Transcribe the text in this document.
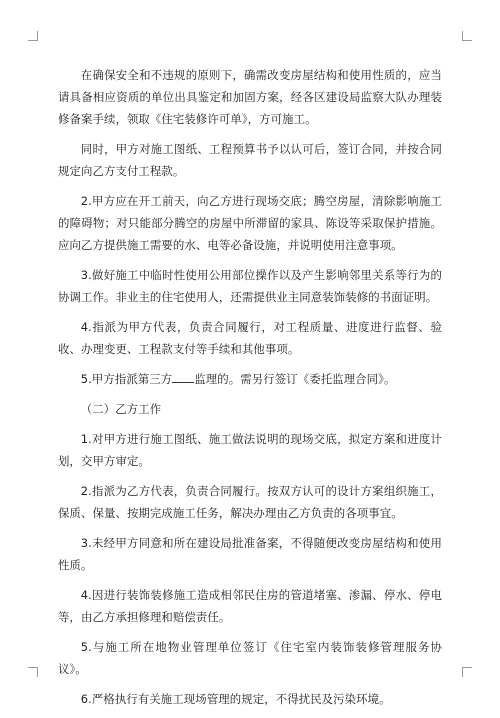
在确保安全和不违规的原则下，确需改变房屋结构和使用性质的，应当请具备相应资质的单位出具鉴定和加固方案，经各区建设局监察大队办理装修备案手续，领取《住宅装修许可单》，方可施工。

同时，甲方对施工图纸、工程预算书予以认可后，签订合同，并按合同规定向乙方支付工程款。

2.甲方应在开工前天，向乙方进行现场交底；腾空房屋，清除影响施工的障碍物；对只能部分腾空的房屋中所滞留的家具、陈设等采取保护措施。应向乙方提供施工需要的水、电等必备设施，并说明使用注意事项。

3.做好施工中临时性使用公用部位操作以及产生影响邻里关系等行为的协调工作。非业主的住宅使用人，还需提供业主同意装饰装修的书面证明。

4.指派为甲方代表，负责合同履行，对工程质量、进度进行监督、验收、办理变更、工程款支付等手续和其他事项。

5.甲方指派第三方 监理的。需另行签订《委托监理合同》。

（二）乙方工作

1.对甲方进行施工图纸、施工做法说明的现场交底，拟定方案和进度计划，交甲方审定。

2.指派为乙方代表，负责合同履行。按双方认可的设计方案组织施工，保质、保量、按期完成施工任务，解决办理由乙方负责的各项事宜。

3.未经甲方同意和所在建设局批准备案，不得随便改变房屋结构和使用性质。

4.因进行装饰装修施工造成相邻民住房的管道堵塞、渗漏、停水、停电等，由乙方承担修理和赔偿责任。

5.与施工所在地物业管理单位签订《住宅室内装饰装修管理服务协议》。

6.严格执行有关施工现场管理的规定，不得扰民及污染环境。
